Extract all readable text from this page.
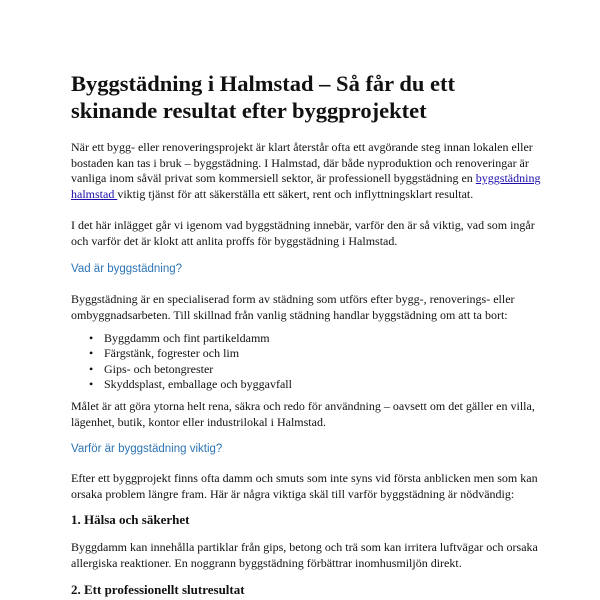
Byggstädning i Halmstad – Så får du ett skinande resultat efter byggprojektet

När ett bygg- eller renoveringsprojekt är klart återstår ofta ett avgörande steg innan lokalen eller bostaden kan tas i bruk – byggstädning. I Halmstad, där både nyproduktion och renoveringar är vanliga inom såväl privat som kommersiell sektor, är professionell byggstädning en byggstädning halmstad viktig tjänst för att säkerställa ett säkert, rent och inflyttningsklart resultat.

I det här inlägget går vi igenom vad byggstädning innebär, varför den är så viktig, vad som ingår och varför det är klokt att anlita proffs för byggstädning i Halmstad.

Vad är byggstädning?

Byggstädning är en specialiserad form av städning som utförs efter bygg-, renoverings- eller ombyggnadsarbeten. Till skillnad från vanlig städning handlar byggstädning om att ta bort:

• Byggdamm och fint partikeldamm
• Färgstänk, fogrester och lim
• Gips- och betongrester
• Skyddsplast, emballage och byggavfall

Målet är att göra ytorna helt rena, säkra och redo för användning – oavsett om det gäller en villa, lägenhet, butik, kontor eller industrilokal i Halmstad.

Varför är byggstädning viktig?

Efter ett byggprojekt finns ofta damm och smuts som inte syns vid första anblicken men som kan orsaka problem längre fram. Här är några viktiga skäl till varför byggstädning är nödvändig:

1. Hälsa och säkerhet

Byggdamm kan innehålla partiklar från gips, betong och trä som kan irritera luftvägar och orsaka allergiska reaktioner. En noggrann byggstädning förbättrar inomhusmiljön direkt.

2. Ett professionellt slutresultat
